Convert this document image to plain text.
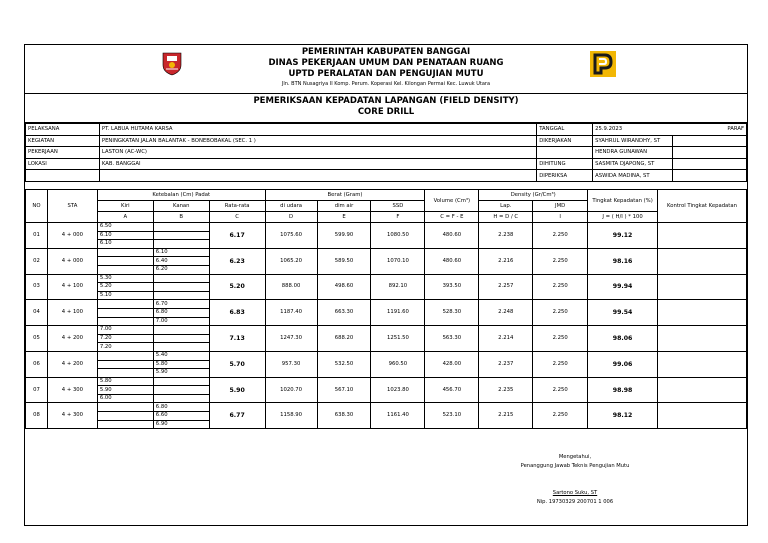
PEMERINTAH KABUPATEN BANGGAI
DINAS PEKERJAAN UMUM DAN PENATAAN RUANG
UPTD PERALATAN DAN PENGUJIAN MUTU
Jln. BTN Nusagriya II Komp. Perum. Koperasi Kel. Kilongan Permai Kec. Luwuk Utara
PEMERIKSAAN KEPADATAN LAPANGAN (FIELD DENSITY)
CORE DRILL
PELAKSANA	PT. LABUA HUTAMA KARSA	TANGGAL	25.9.2023	PARAF
KEGIATAN	PENINGKATAN JALAN BALANTAK - BONEBOBAKAL (SEC. 1 )	DIKERJAKAN	SYAHRUL WIRANDHY, ST	
PEKERJAAN	LASTON (AC-WC)		HENDRA GUNAWAN	
LOKASI	KAB. BANGGAI	DIHITUNG	SASMITA DJAPONG, ST	
		DIPERIKSA	ASWIDA MADINA, ST	
NO	STA	Ketebalan (Cm) Padat			Berat (Gram)			Volume (Cm³)	Density (Gr/Cm³)		Tingkat Kepadatan (%)	Kontrol Tingkat Kepadatan
		Kiri	Kanan	Rata-rata	di udara	dim air	SSD		Lap.	JMD		
		A	B	C	D	E	F	C = F - E	H = D / C	I	J = ( H/I ) * 100	
01	4 + 000	6.50		6.17	1075.60	599.90	1080.50	480.60	2.238	2.250	99.12	
		6.10										
		6.10										
02	4 + 000		6.10	6.23	1065.20	589.50	1070.10	480.60	2.216	2.250	98.16	
			6.40									
			6.20									
03	4 + 100	5.30		5.20	888.00	498.60	892.10	393.50	2.257	2.250	99.94	
		5.20										
		5.10										
04	4 + 100		6.70	6.83	1187.40	663.30	1191.60	528.30	2.248	2.250	99.54	
			6.80									
			7.00									
05	4 + 200	7.00		7.13	1247.30	688.20	1251.50	563.30	2.214	2.250	98.06	
		7.20										
		7.20										
06	4 + 200		5.40	5.70	957.30	532.50	960.50	428.00	2.237	2.250	99.06	
			5.80									
			5.90									
07	4 + 300	5.80		5.90	1020.70	567.10	1023.80	456.70	2.235	2.250	98.98	
		5.90										
		6.00										
08	4 + 300		6.80	6.77	1158.90	638.30	1161.40	523.10	2.215	2.250	98.12	
			6.60									
			6.90									
Mengetahui,
Penanggung Jawab Teknis Pengujian Mutu
Sartono Suku, ST
Nip. 19730329 200701 1 006
